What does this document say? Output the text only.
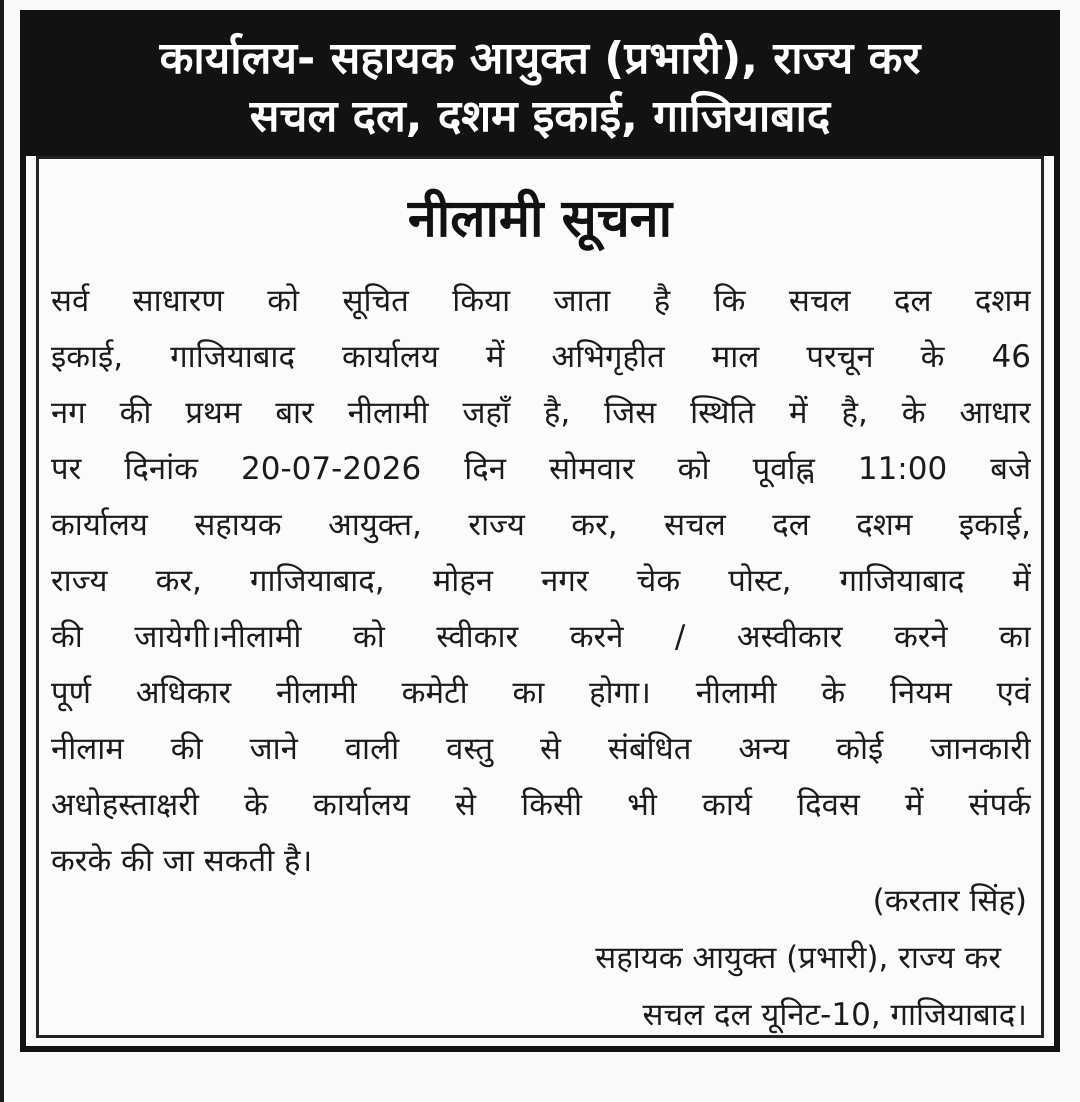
कार्यालय- सहायक आयुक्त (प्रभारी), राज्य कर
सचल दल, दशम इकाई, गाजियाबाद
नीलामी सूचना
सर्व साधारण को सूचित किया जाता है कि सचल दल दशम
इकाई, गाजियाबाद कार्यालय में अभिगृहीत माल परचून के 46
नग की प्रथम बार नीलामी जहाँ है, जिस स्थिति में है, के आधार
पर दिनांक 20-07-2026 दिन सोमवार को पूर्वाह्न 11:00 बजे
कार्यालय सहायक आयुक्त, राज्य कर, सचल दल दशम इकाई,
राज्य कर, गाजियाबाद, मोहन नगर चेक पोस्ट, गाजियाबाद में
की जायेगी।नीलामी को स्वीकार करने / अस्वीकार करने का
पूर्ण अधिकार नीलामी कमेटी का होगा। नीलामी के नियम एवं
नीलाम की जाने वाली वस्तु से संबंधित अन्य कोई जानकारी
अधोहस्ताक्षरी के कार्यालय से किसी भी कार्य दिवस में संपर्क
करके की जा सकती है।
(करतार सिंह)
सहायक आयुक्त (प्रभारी), राज्य कर
सचल दल यूनिट-10, गाजियाबाद।
